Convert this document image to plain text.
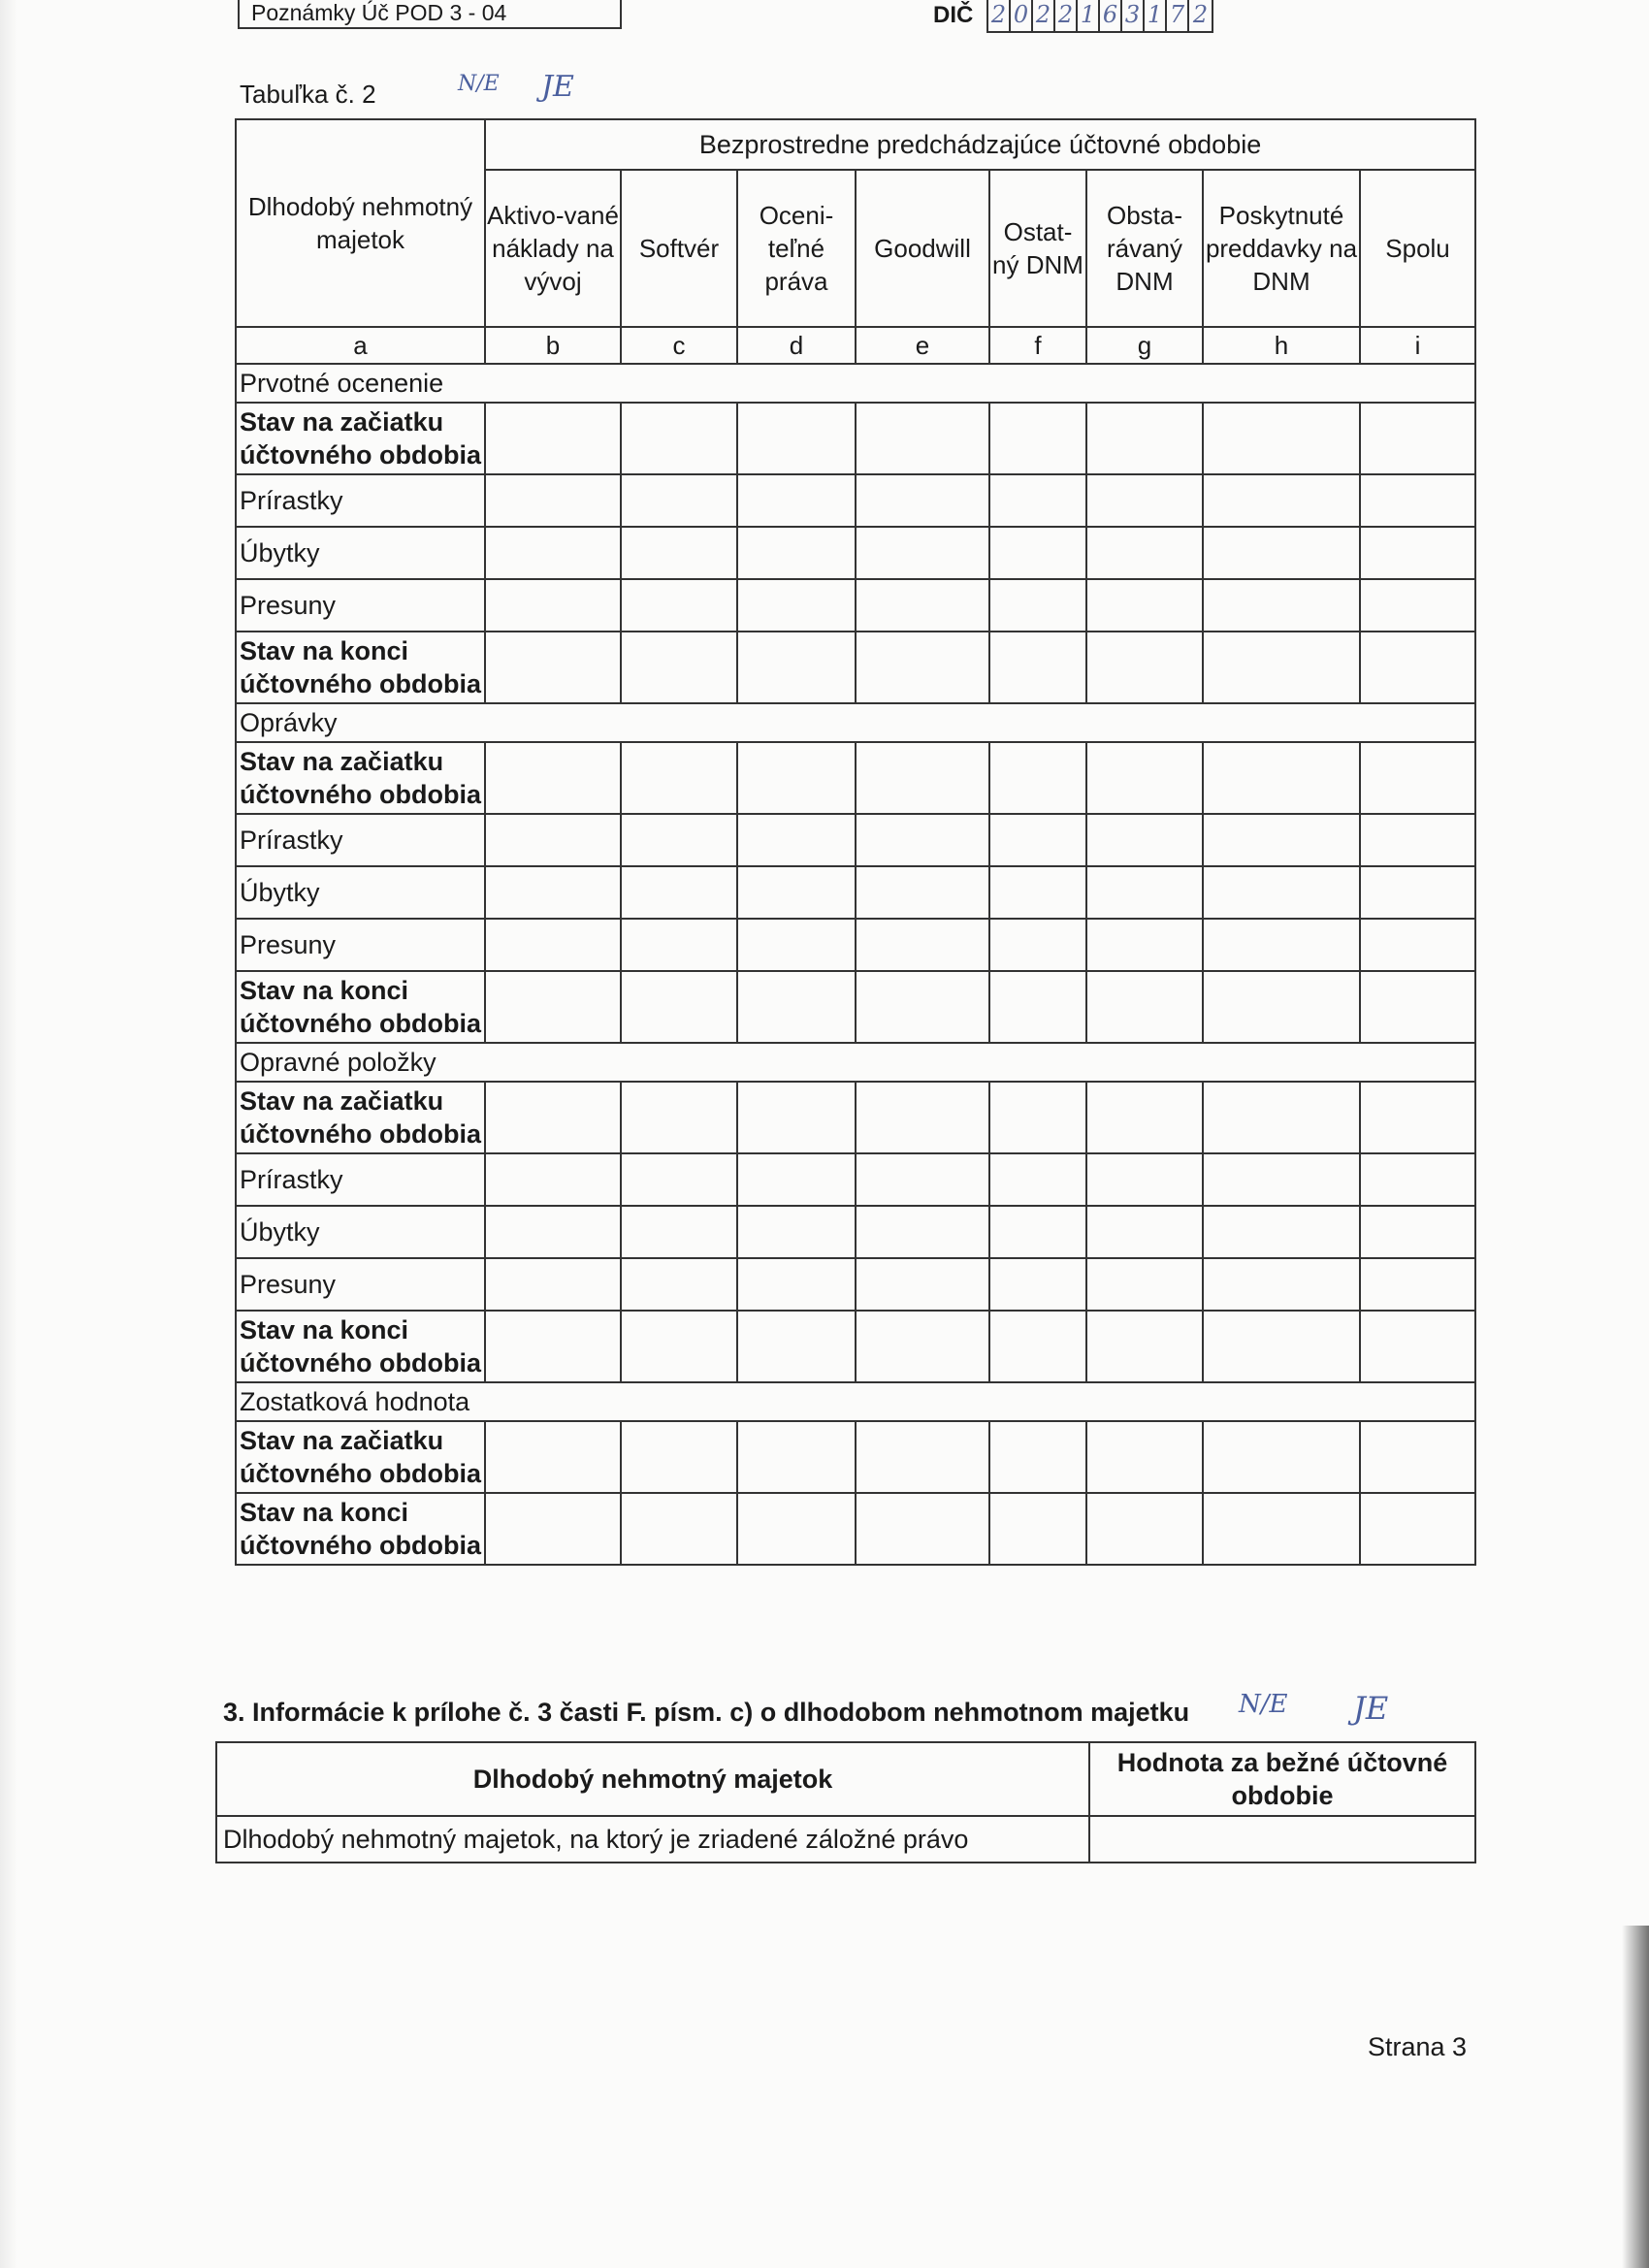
Poznámky Úč POD 3 - 04	DIČ 2 0 2 2 1 6 3 1 7 2
Tabuľka č. 2	N/E JE
Dlhodobý nehmotný majetok	Bezprostredne predchádzajúce účtovné obdobie							
	Aktivo-vané náklady na vývoj	Softvér	Oceni-teľné práva	Goodwill	Ostat-ný DNM	Obsta-rávaný DNM	Poskytnuté preddavky na DNM	Spolu
a	b	c	d	e	f	g	h	i
Prvotné ocenenie								
Stav na začiatku účtovného obdobia								
Prírastky								
Úbytky								
Presuny								
Stav na konci účtovného obdobia								
Oprávky								
Stav na začiatku účtovného obdobia								
Prírastky								
Úbytky								
Presuny								
Stav na konci účtovného obdobia								
Opravné položky								
Stav na začiatku účtovného obdobia								
Prírastky								
Úbytky								
Presuny								
Stav na konci účtovného obdobia								
Zostatková hodnota								
Stav na začiatku účtovného obdobia								
Stav na konci účtovného obdobia								
3. Informácie k prílohe č. 3 časti F. písm. c) o dlhodobom nehmotnom majetku N/E JE
Dlhodobý nehmotný majetok	Hodnota za bežné účtovné obdobie
Dlhodobý nehmotný majetok, na ktorý je zriadené záložné právo	
Strana 3
